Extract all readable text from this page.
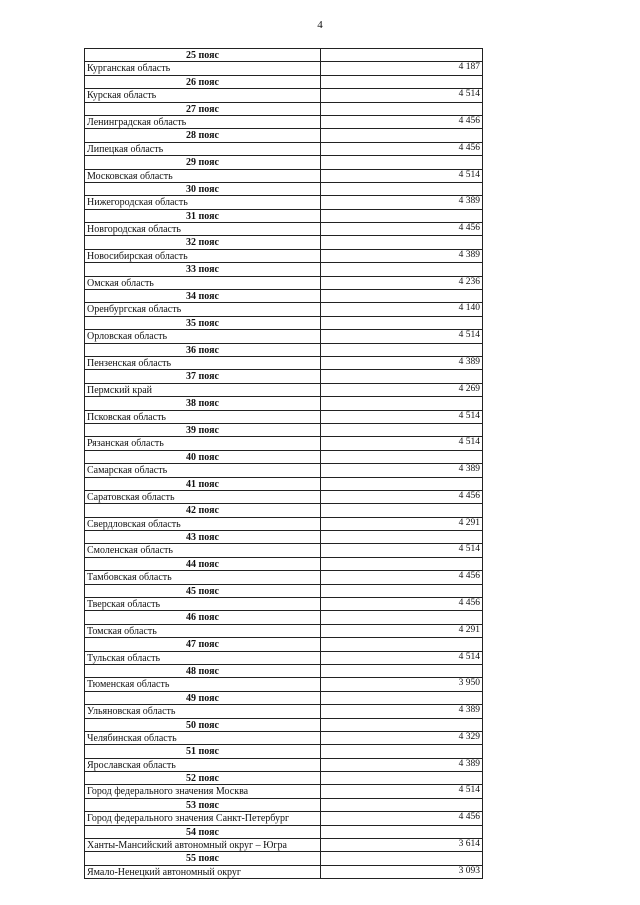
4
25 пояс
Курганская область	4 187
26 пояс
Курская область	4 514
27 пояс
Ленинградская область	4 456
28 пояс
Липецкая область	4 456
29 пояс
Московская область	4 514
30 пояс
Нижегородская область	4 389
31 пояс
Новгородская область	4 456
32 пояс
Новосибирская область	4 389
33 пояс
Омская область	4 236
34 пояс
Оренбургская область	4 140
35 пояс
Орловская область	4 514
36 пояс
Пензенская область	4 389
37 пояс
Пермский край	4 269
38 пояс
Псковская область	4 514
39 пояс
Рязанская область	4 514
40 пояс
Самарская область	4 389
41 пояс
Саратовская область	4 456
42 пояс
Свердловская область	4 291
43 пояс
Смоленская область	4 514
44 пояс
Тамбовская область	4 456
45 пояс
Тверская область	4 456
46 пояс
Томская область	4 291
47 пояс
Тульская область	4 514
48 пояс
Тюменская область	3 950
49 пояс
Ульяновская область	4 389
50 пояс
Челябинская область	4 329
51 пояс
Ярославская область	4 389
52 пояс
Город федерального значения Москва	4 514
53 пояс
Город федерального значения Санкт-Петербург	4 456
54 пояс
Ханты-Мансийский автономный округ – Югра	3 614
55 пояс
Ямало-Ненецкий автономный округ	3 093
